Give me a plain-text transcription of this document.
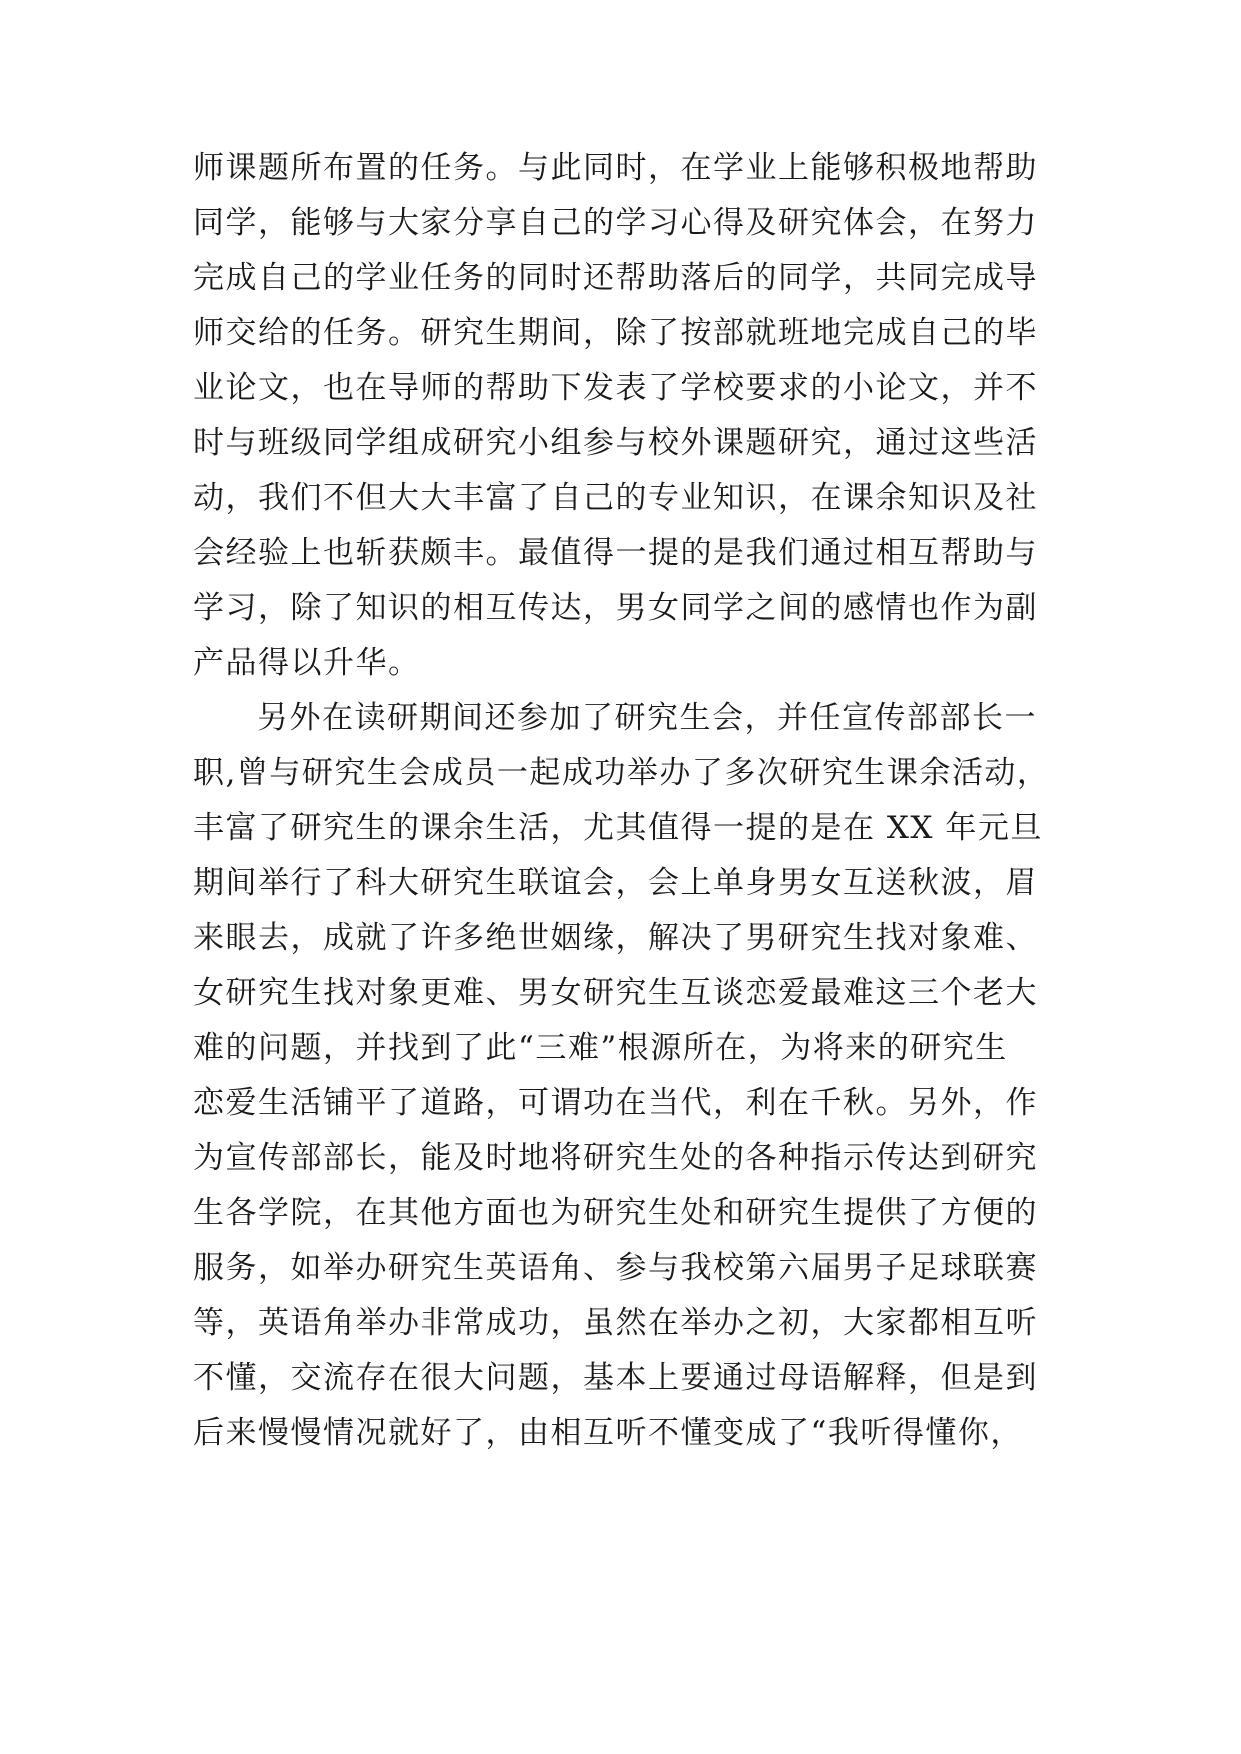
师课题所布置的任务。与此同时，在学业上能够积极地帮助
同学，能够与大家分享自己的学习心得及研究体会，在努力
完成自己的学业任务的同时还帮助落后的同学，共同完成导
师交给的任务。研究生期间，除了按部就班地完成自己的毕
业论文，也在导师的帮助下发表了学校要求的小论文，并不
时与班级同学组成研究小组参与校外课题研究，通过这些活
动，我们不但大大丰富了自己的专业知识，在课余知识及社
会经验上也斩获颇丰。最值得一提的是我们通过相互帮助与
学习，除了知识的相互传达，男女同学之间的感情也作为副
产品得以升华。
另外在读研期间还参加了研究生会，并任宣传部部长一
职,曾与研究生会成员一起成功举办了多次研究生课余活动，
丰富了研究生的课余生活，尤其值得一提的是在 XX 年元旦
期间举行了科大研究生联谊会，会上单身男女互送秋波，眉
来眼去，成就了许多绝世姻缘，解决了男研究生找对象难、
女研究生找对象更难、男女研究生互谈恋爱最难这三个老大
难的问题，并找到了此“三难”根源所在，为将来的研究生
恋爱生活铺平了道路，可谓功在当代，利在千秋。另外，作
为宣传部部长，能及时地将研究生处的各种指示传达到研究
生各学院，在其他方面也为研究生处和研究生提供了方便的
服务，如举办研究生英语角、参与我校第六届男子足球联赛
等，英语角举办非常成功，虽然在举办之初，大家都相互听
不懂，交流存在很大问题，基本上要通过母语解释，但是到
后来慢慢情况就好了，由相互听不懂变成了“我听得懂你，
